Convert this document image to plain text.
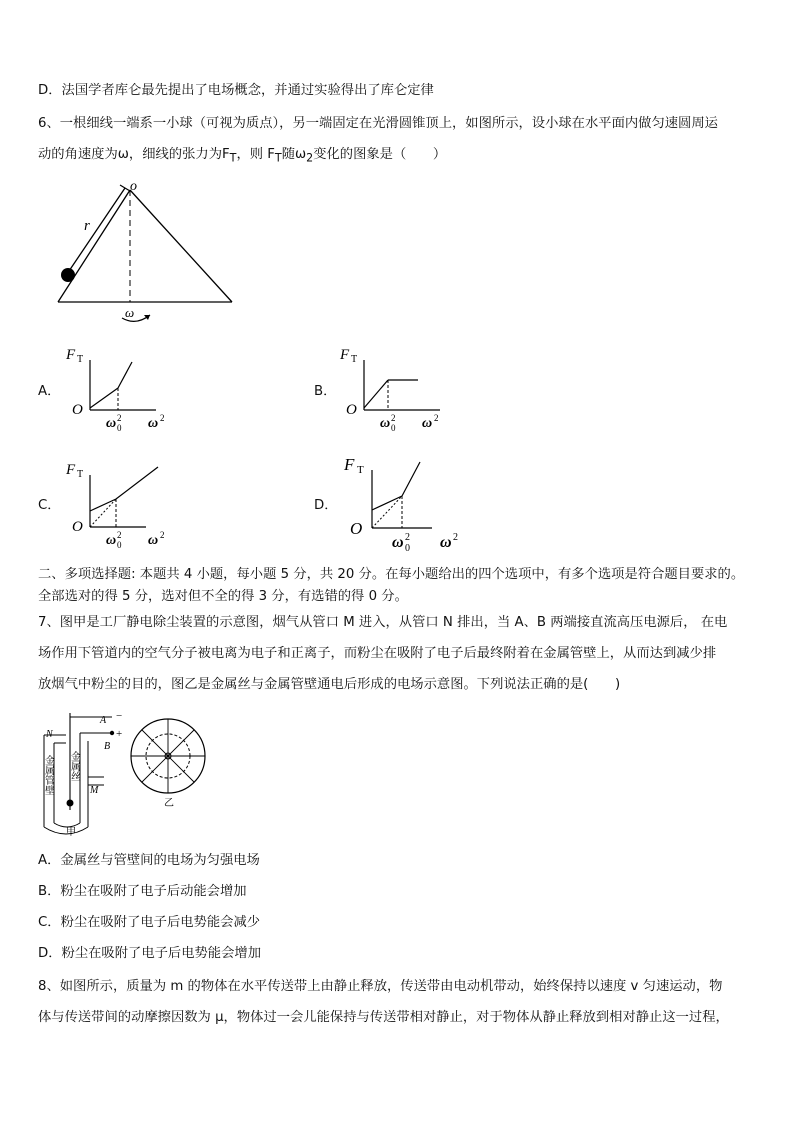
D．法国学者库仑最先提出了电场概念，并通过实验得出了库仑定律
6、一根细线一端系一小球（可视为质点），另一端固定在光滑圆锥顶上，如图所示，设小球在水平面内做匀速圆周运
动的角速度为ω，细线的张力为$F_T$，则 $F_T$随$\omega_2$变化的图象是（　　）
o
r
ω
A．
F T
O
ω 2
0 ω 2
B．
F T
O
ω 2
0 ω 2
C．
F T
O
ω 2
0 ω 2
D．
F T
O
ω 2
0 ω 2
二、多项选择题: 本题共 4 小题，每小题 5 分，共 20 分。在每小题给出的四个选项中，有多个选项是符合题目要求的。
全部选对的得 5 分，选对但不全的得 3 分，有选错的得 0 分。
7、图甲是工厂静电除尘装置的示意图，烟气从管口 M 进入，从管口 N 排出，当 A、B 两端接直流高压电源后， 在电
场作用下管道内的空气分子被电离为电子和正离子，而粉尘在吸附了电子后最终附着在金属管壁上，从而达到减少排
放烟气中粉尘的目的，图乙是金属丝与金属管壁通电后形成的电场示意图。下列说法正确的是(　　)
A −
B
+
N
M
金属丝
金属管壁
甲
乙
A．金属丝与管壁间的电场为匀强电场
B．粉尘在吸附了电子后动能会增加
C．粉尘在吸附了电子后电势能会减少
D．粉尘在吸附了电子后电势能会增加
8、如图所示，质量为 m 的物体在水平传送带上由静止释放，传送带由电动机带动，始终保持以速度 v 匀速运动，物
体与传送带间的动摩擦因数为 μ，物体过一会儿能保持与传送带相对静止，对于物体从静止释放到相对静止这一过程，
